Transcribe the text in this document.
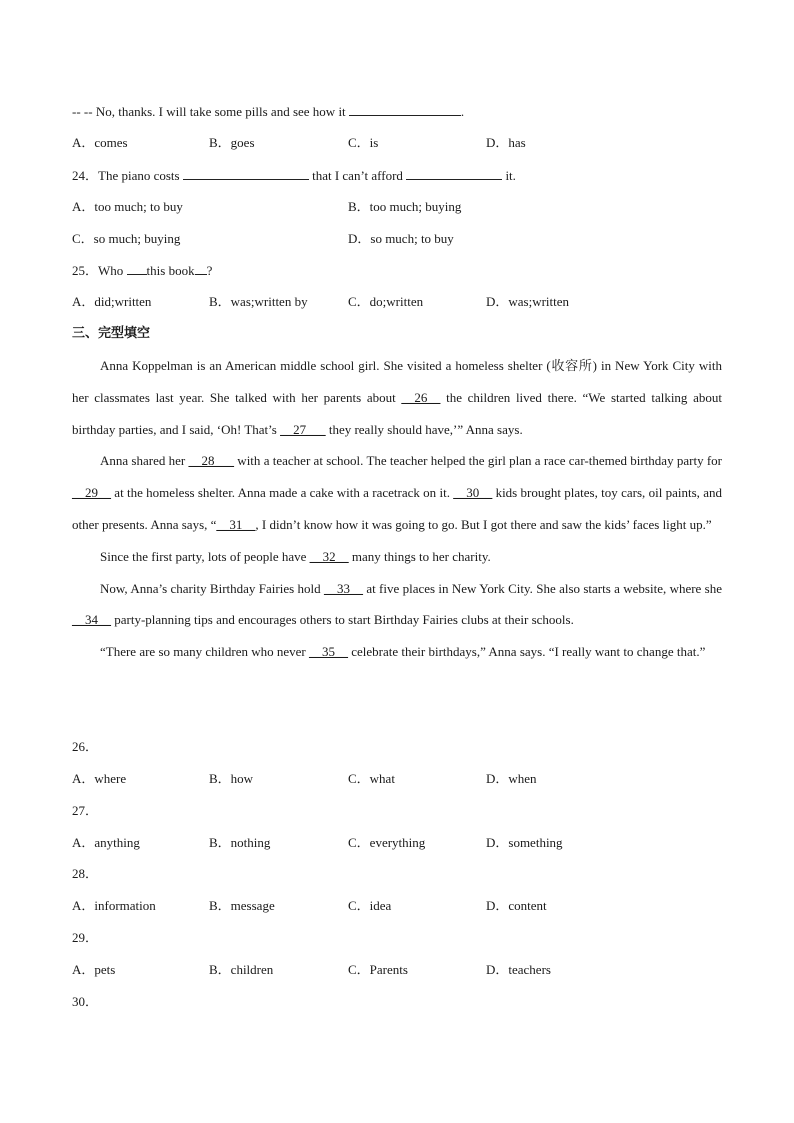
-- -- No, thanks. I will take some pills and see how it	.
A．comes	B．goes	C．is	D．has
24．The piano costs	that I can’t afford	it.
A．too much; to buy	B．too much; buying
C．so much; buying	D．so much; to buy
25．Who this book ?
A．did;written	B．was;written by	C．do;written	D．was;written
三、完型填空

Anna Koppelman is an American middle school girl. She visited a homeless shelter (收容所) in New York City with her classmates last year. She talked with her parents about __26__ the children lived there. “We started talking about birthday parties, and I said, ‘Oh! That’s __27___ they really should have,’” Anna says.

Anna shared her __28___ with a teacher at school. The teacher helped the girl plan a race car-themed birthday party for __29__ at the homeless shelter. Anna made a cake with a racetrack on it. __30__ kids brought plates, toy cars, oil paints, and other presents. Anna says, “__31__, I didn’t know how it was going to go. But I got there and saw the kids’ faces light up.”

Since the first party, lots of people have __32__ many things to her charity.

Now, Anna’s charity Birthday Fairies hold __33__ at five places in New York City. She also starts a website, where she __34__ party-planning tips and encourages others to start Birthday Fairies clubs at their schools.

“There are so many children who never __35__ celebrate their birthdays,” Anna says. “I really want to change that.”

26．
A．where	B．how	C．what	D．when
27．
A．anything	B．nothing	C．everything	D．something
28．
A．information	B．message	C．idea	D．content
29．
A．pets	B．children	C．Parents	D．teachers
30．
